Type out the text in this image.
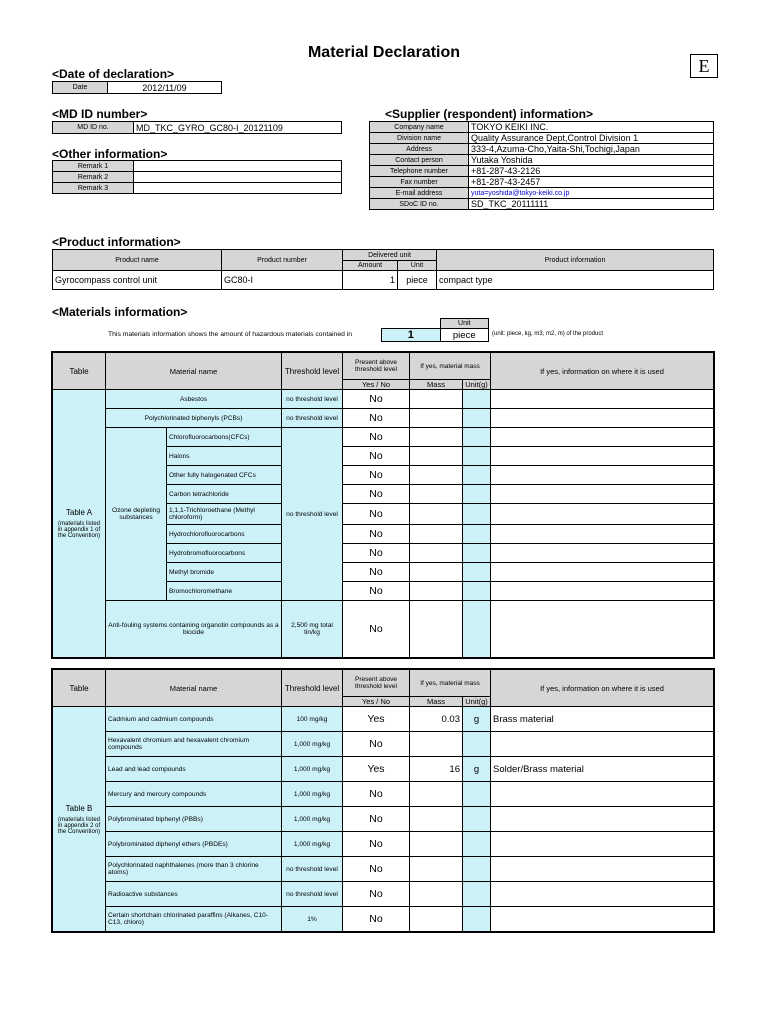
Material Declaration
E
<Date of declaration>
Date	2012/11/09
<MD ID number>
MD ID no.	MD_TKC_GYRO_GC80-I_20121109
<Other information>
Remark 1	
Remark 2	
Remark 3	
<Supplier (respondent) information>
Company name	TOKYO KEIKI INC.
Division name	Quality Assurance Dept,Control Division 1
Address	333-4,Azuma-Cho,Yaita-Shi,Tochigi,Japan
Contact person	Yutaka Yoshida
Telephone number	+81-287-43-2126
Fax number	+81-287-43-2457
E-mail address	yuta=yoshida@tokyo-keiki.co.jp
SDoC ID no.	SD_TKC_20111111
<Product information>
Product name	Product number	Delivered unit		Product information
		Amount	Unit	
Gyrocompass control unit	GC80-I	1	piece	compact type
<Materials information>
This materials information shows the amount of hazardous materials contained in
	Unit
1	piece	(unit: piece, kg, m3, m2, m) of the product
Table	Material name		Threshold level	Present above threshold level	If yes, material mass		If yes, information on where it is used
				Yes / No	Mass	Unit(g)	

Table A
(materials listed in appendix 1 of the Convention)	Asbestos		no threshold level	No			
	Polychlorinated biphenyls (PCBs)		no threshold level	No			
	Ozone depleting substances	Chlorofluorocarbons(CFCs)	no threshold level	No			
		Halons		No			
		Other fully halogenated CFCs		No			
		Carbon tetrachloride		No			
		1,1,1-Trichloroethane (Methyl chloroform)		No			
		Hydrochlorofluorocarbons		No			
		Hydrobromofluorocarbons		No			
		Methyl bromide		No			
		Bromochloromethane		No			
	Anti-fouling systems containing organotin compounds as a biocide		2,500 mg total tin/kg	No			
Table	Material name	Threshold level	Present above threshold level	If yes, material mass		If yes, information on where it is used
			Yes / No	Mass	Unit(g)	

Table B
(materials listed in appendix 2 of the Convention)	Cadmium and cadmium compounds	100 mg/kg	Yes	0.03	g	Brass material
	Hexavalent chromium and hexavalent chromium compounds	1,000 mg/kg	No			
	Lead and lead compounds	1,000 mg/kg	Yes	16	g	Solder/Brass material
	Mercury and mercury compounds	1,000 mg/kg	No			
	Polybrominated biphenyl (PBBs)	1,000 mg/kg	No			
	Polybrominated diphenyl ethers (PBDEs)	1,000 mg/kg	No			
	Polychlorinated naphthalenes (more than 3 chlorine atoms)	no threshold level	No			
	Radioactive substances	no threshold level	No			
	Certain shortchain chlorinated paraffins (Alkanes, C10-C13, chloro)	1%	No			
